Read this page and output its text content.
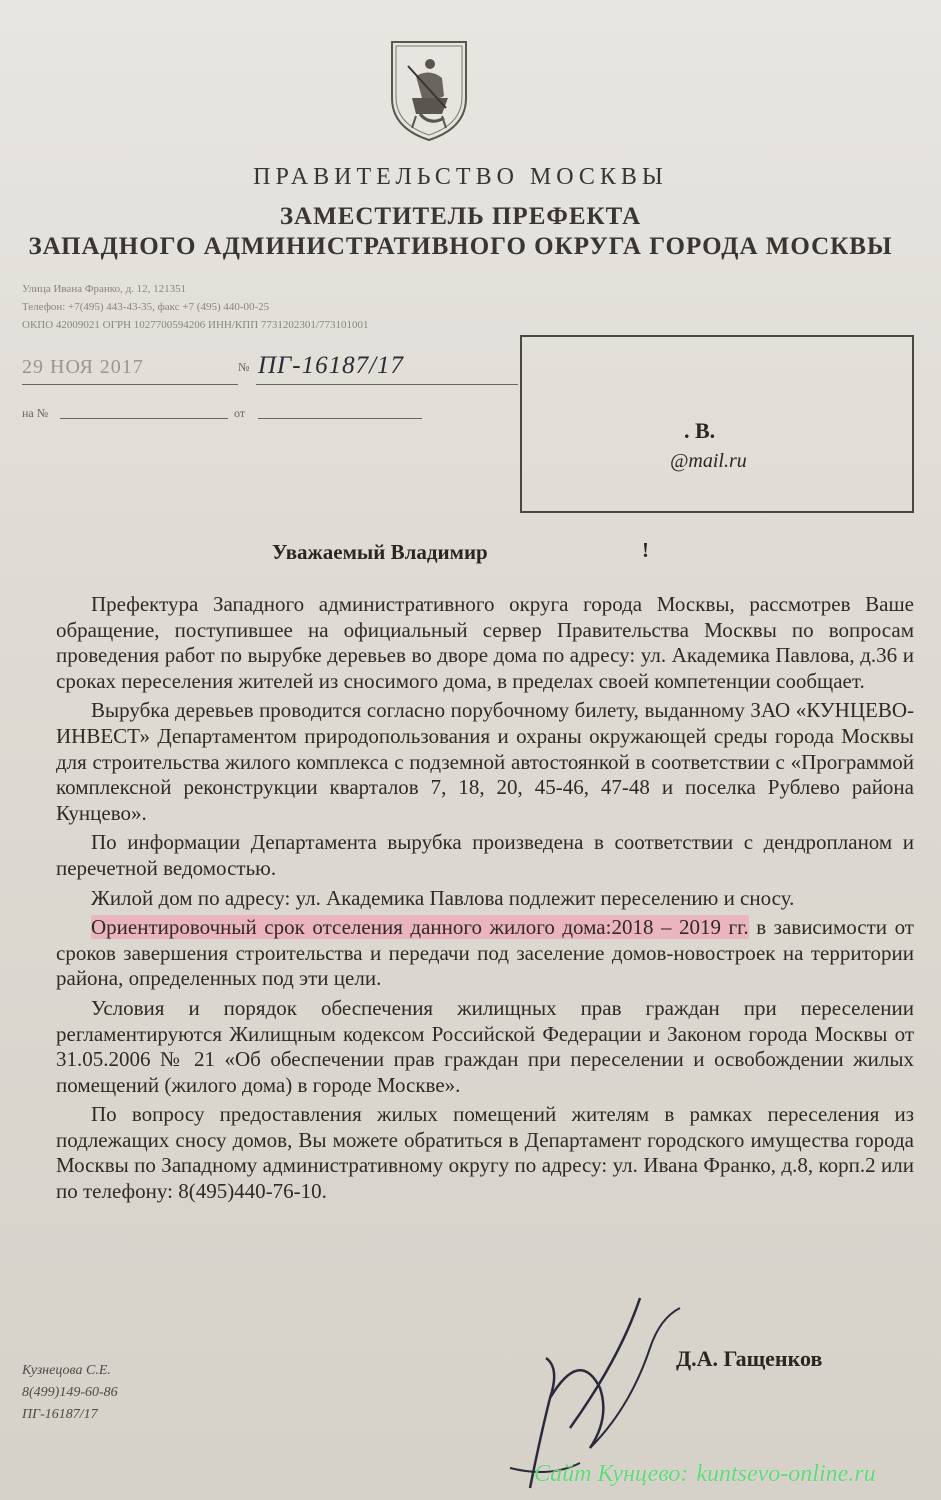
ПРАВИТЕЛЬСТВО МОСКВЫ
ЗАМЕСТИТЕЛЬ ПРЕФЕКТА
ЗАПАДНОГО АДМИНИСТРАТИВНОГО ОКРУГА ГОРОДА МОСКВЫ
Улица Ивана Франко, д. 12, 121351
Телефон: +7(495) 443-43-35, факс +7 (495) 440-00-25
ОКПО 42009021 ОГРН 1027700594206 ИНН/КПП 7731202301/773101001
29 НОЯ 2017	№ ПГ-16187/17
на №	от
. В.
@mail.ru
Уважаемый Владимир	!

Префектура Западного административного округа города Москвы, рассмотрев Ваше обращение, поступившее на официальный сервер Правительства Москвы по вопросам проведения работ по вырубке деревьев во дворе дома по адресу: ул. Академика Павлова, д.36 и сроках переселения жителей из сносимого дома, в пределах своей компетенции сообщает.

Вырубка деревьев проводится согласно порубочному билету, выданному ЗАО «КУНЦЕВО-ИНВЕСТ» Департаментом природопользования и охраны окружающей среды города Москвы для строительства жилого комплекса с подземной автостоянкой в соответствии с «Программой комплексной реконструкции кварталов 7, 18, 20, 45-46, 47-48 и поселка Рублево района Кунцево».

По информации Департамента вырубка произведена в соответствии с дендропланом и перечетной ведомостью.

Жилой дом по адресу: ул. Академика Павлова подлежит переселению и сносу.

Ориентировочный срок отселения данного жилого дома:2018 – 2019 гг. в зависимости от сроков завершения строительства и передачи под заселение домов-новостроек на территории района, определенных под эти цели.

Условия и порядок обеспечения жилищных прав граждан при переселении регламентируются Жилищным кодексом Российской Федерации и Законом города Москвы от 31.05.2006 № 21 «Об обеспечении прав граждан при переселении и освобождении жилых помещений (жилого дома) в городе Москве».

По вопросу предоставления жилых помещений жителям в рамках переселения из подлежащих сносу домов, Вы можете обратиться в Департамент городского имущества города Москвы по Западному административному округу по адресу: ул. Ивана Франко, д.8, корп.2 или по телефону: 8(495)440-76-10.

Д.А. Гащенков
Кузнецова С.Е.
8(499)149-60-86
ПГ-16187/17
Сайт Кунцево: kuntsevo-online.ru
